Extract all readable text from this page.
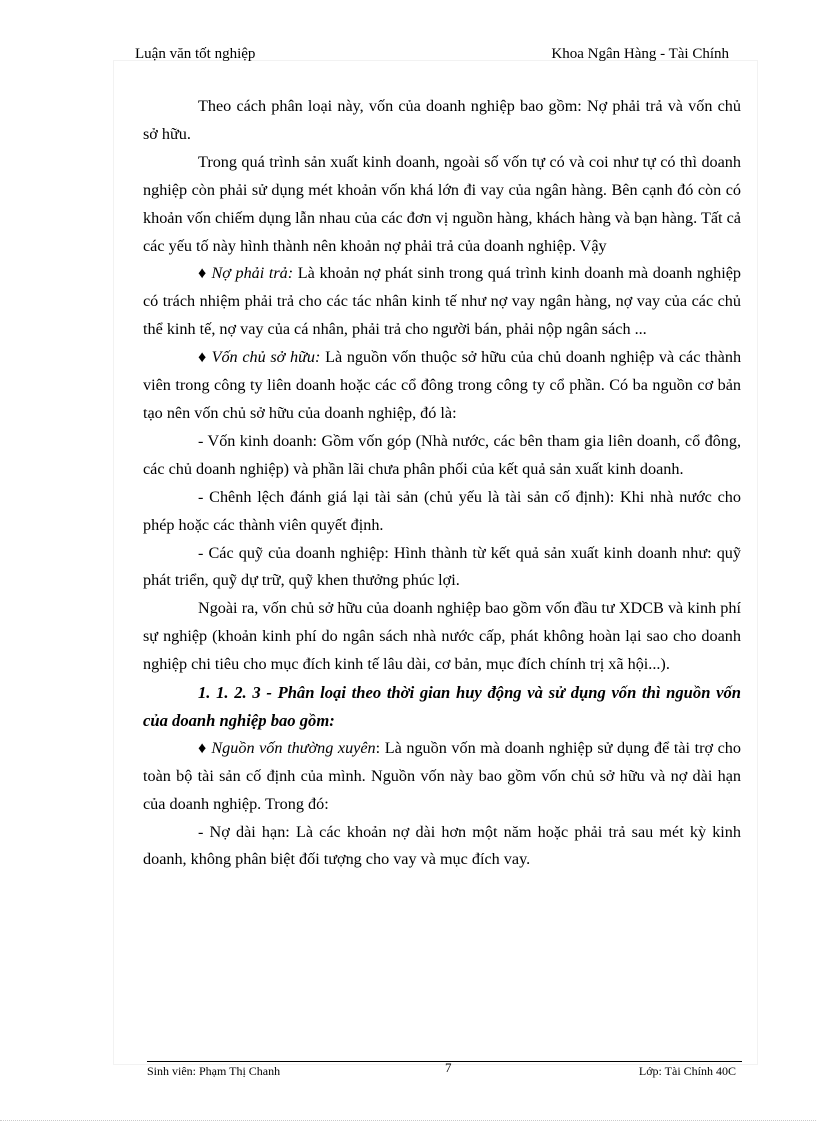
Luận văn tốt nghiệp	Khoa Ngân Hàng - Tài Chính

Theo cách phân loại này, vốn của doanh nghiệp bao gồm: Nợ phải trả và vốn chủ sở hữu.

Trong quá trình sản xuất kinh doanh, ngoài số vốn tự có và coi như tự có thì doanh nghiệp còn phải sử dụng mét khoản vốn khá lớn đi vay của ngân hàng. Bên cạnh đó còn có khoản vốn chiếm dụng lẫn nhau của các đơn vị nguồn hàng, khách hàng và bạn hàng. Tất cả các yếu tố này hình thành nên khoản nợ phải trả của doanh nghiệp. Vậy

♦ Nợ phải trả: Là khoản nợ phát sinh trong quá trình kinh doanh mà doanh nghiệp có trách nhiệm phải trả cho các tác nhân kinh tế như nợ vay ngân hàng, nợ vay của các chủ thể kinh tế, nợ vay của cá nhân, phải trả cho người bán, phải nộp ngân sách ...

♦ Vốn chủ sở hữu: Là nguồn vốn thuộc sở hữu của chủ doanh nghiệp và các thành viên trong công ty liên doanh hoặc các cổ đông trong công ty cổ phần. Có ba nguồn cơ bản tạo nên vốn chủ sở hữu của doanh nghiệp, đó là:

- Vốn kinh doanh: Gồm vốn góp (Nhà nước, các bên tham gia liên doanh, cổ đông, các chủ doanh nghiệp) và phần lãi chưa phân phối của kết quả sản xuất kinh doanh.

- Chênh lệch đánh giá lại tài sản (chủ yếu là tài sản cố định): Khi nhà nước cho phép hoặc các thành viên quyết định.

- Các quỹ của doanh nghiệp: Hình thành từ kết quả sản xuất kinh doanh như: quỹ phát triển, quỹ dự trữ, quỹ khen thưởng phúc lợi.

Ngoài ra, vốn chủ sở hữu của doanh nghiệp bao gồm vốn đầu tư XDCB và kinh phí sự nghiệp (khoản kinh phí do ngân sách nhà nước cấp, phát không hoàn lại sao cho doanh nghiệp chi tiêu cho mục đích kinh tế lâu dài, cơ bản, mục đích chính trị xã hội...).

1. 1. 2. 3 - Phân loại theo thời gian huy động và sử dụng vốn thì nguồn vốn của doanh nghiệp bao gồm:

♦ Nguồn vốn thường xuyên: Là nguồn vốn mà doanh nghiệp sử dụng để tài trợ cho toàn bộ tài sản cố định của mình. Nguồn vốn này bao gồm vốn chủ sở hữu và nợ dài hạn của doanh nghiệp. Trong đó:

- Nợ dài hạn: Là các khoản nợ dài hơn một năm hoặc phải trả sau mét kỳ kinh doanh, không phân biệt đối tượng cho vay và mục đích vay.

Sinh viên: Phạm Thị Chanh	7	Lớp: Tài Chính 40C
